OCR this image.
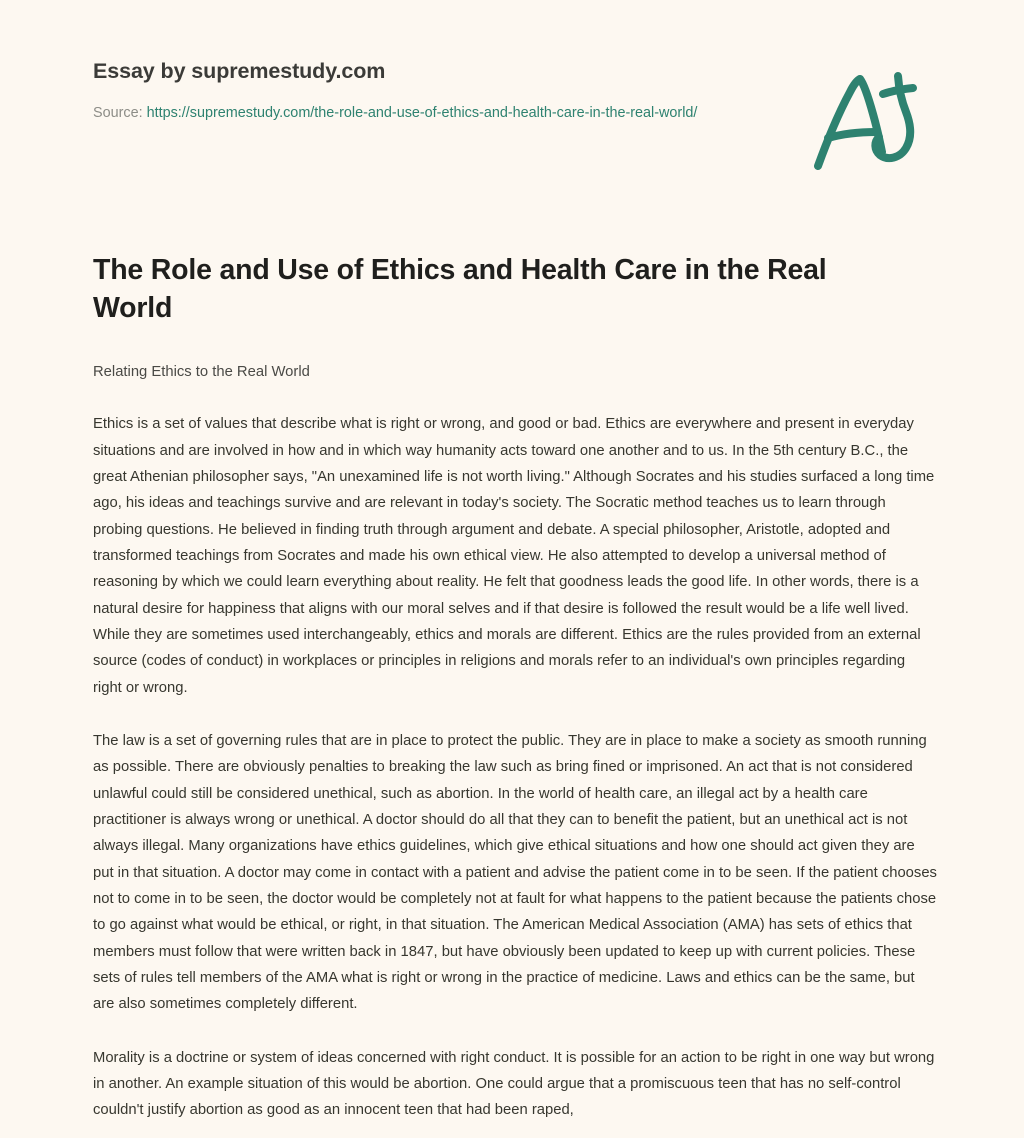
Essay by supremestudy.com
Source: https://supremestudy.com/the-role-and-use-of-ethics-and-health-care-in-the-real-world/
The Role and Use of Ethics and Health Care in the Real World
Relating Ethics to the Real World

Ethics is a set of values that describe what is right or wrong, and good or bad. Ethics are everywhere and present in everyday situations and are involved in how and in which way humanity acts toward one another and to us. In the 5th century B.C., the great Athenian philosopher says, "An unexamined life is not worth living." Although Socrates and his studies surfaced a long time ago, his ideas and teachings survive and are relevant in today's society. The Socratic method teaches us to learn through probing questions. He believed in finding truth through argument and debate. A special philosopher, Aristotle, adopted and transformed teachings from Socrates and made his own ethical view. He also attempted to develop a universal method of reasoning by which we could learn everything about reality. He felt that goodness leads the good life. In other words, there is a natural desire for happiness that aligns with our moral selves and if that desire is followed the result would be a life well lived. While they are sometimes used interchangeably, ethics and morals are different. Ethics are the rules provided from an external source (codes of conduct) in workplaces or principles in religions and morals refer to an individual's own principles regarding right or wrong.

The law is a set of governing rules that are in place to protect the public. They are in place to make a society as smooth running as possible. There are obviously penalties to breaking the law such as bring fined or imprisoned. An act that is not considered unlawful could still be considered unethical, such as abortion. In the world of health care, an illegal act by a health care practitioner is always wrong or unethical. A doctor should do all that they can to benefit the patient, but an unethical act is not always illegal. Many organizations have ethics guidelines, which give ethical situations and how one should act given they are put in that situation. A doctor may come in contact with a patient and advise the patient come in to be seen. If the patient chooses not to come in to be seen, the doctor would be completely not at fault for what happens to the patient because the patients chose to go against what would be ethical, or right, in that situation. The American Medical Association (AMA) has sets of ethics that members must follow that were written back in 1847, but have obviously been updated to keep up with current policies. These sets of rules tell members of the AMA what is right or wrong in the practice of medicine. Laws and ethics can be the same, but are also sometimes completely different.

Morality is a doctrine or system of ideas concerned with right conduct. It is possible for an action to be right in one way but wrong in another. An example situation of this would be abortion. One could argue that a promiscuous teen that has no self-control couldn't justify abortion as good as an innocent teen that had been raped,
